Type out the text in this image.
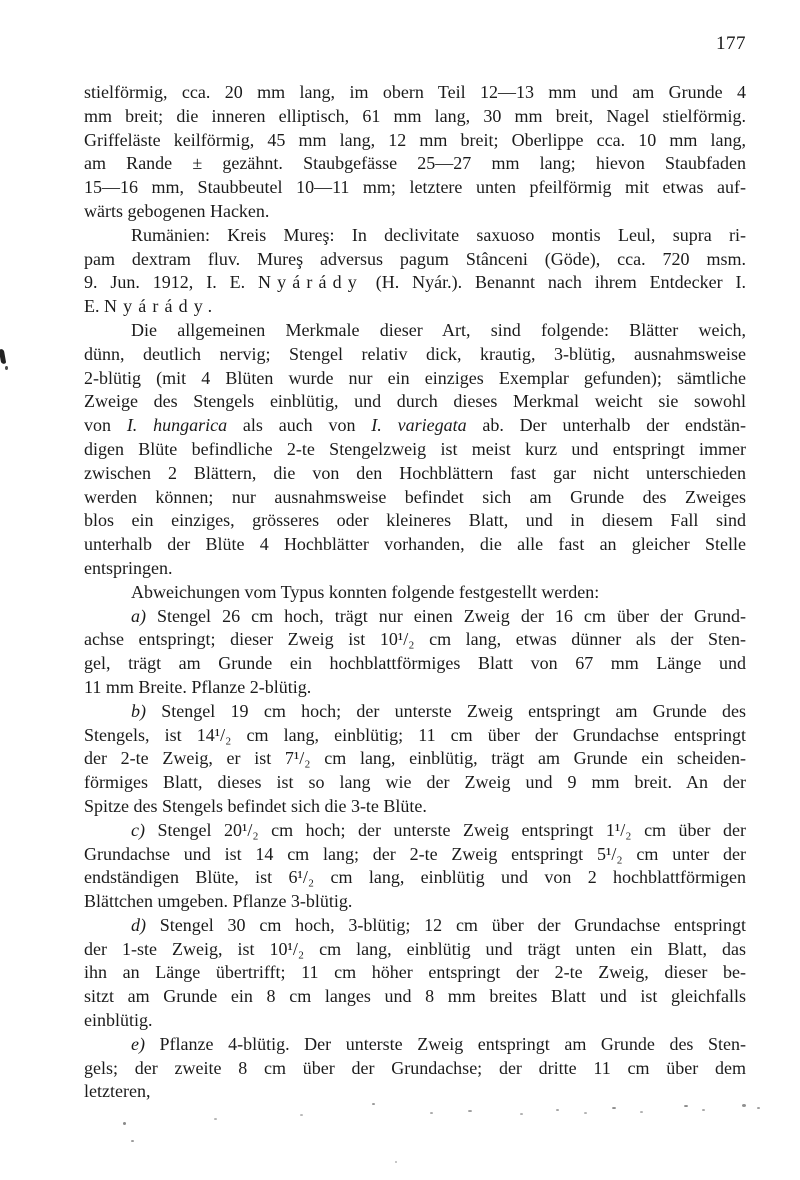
177
stielförmig, cca. 20 mm lang, im obern Teil 12—13 mm und am Grunde 4
mm breit; die inneren elliptisch, 61 mm lang, 30 mm breit, Nagel stielförmig.
Griffeläste keilförmig, 45 mm lang, 12 mm breit; Oberlippe cca. 10 mm lang,
am Rande ± gezähnt. Staubgefässe 25—27 mm lang; hievon Staubfaden
15—16 mm, Staubbeutel 10—11 mm; letztere unten pfeilförmig mit etwas auf-
wärts gebogenen Hacken.
Rumänien: Kreis Mureş: In declivitate saxuoso montis Leul, supra ri-
pam dextram fluv. Mureş adversus pagum Stânceni (Göde), cca. 720 msm.
9. Jun. 1912, I. E. Nyárády (H. Nyár.). Benannt nach ihrem Entdecker I.
E. Nyárády.
Die allgemeinen Merkmale dieser Art, sind folgende: Blätter weich,
dünn, deutlich nervig; Stengel relativ dick, krautig, 3-blütig, ausnahmsweise
2-blütig (mit 4 Blüten wurde nur ein einziges Exemplar gefunden); sämtliche
Zweige des Stengels einblütig, und durch dieses Merkmal weicht sie sowohl
von I. hungarica als auch von I. variegata ab. Der unterhalb der endstän-
digen Blüte befindliche 2-te Stengelzweig ist meist kurz und entspringt immer
zwischen 2 Blättern, die von den Hochblättern fast gar nicht unterschieden
werden können; nur ausnahmsweise befindet sich am Grunde des Zweiges
blos ein einziges, grösseres oder kleineres Blatt, und in diesem Fall sind
unterhalb der Blüte 4 Hochblätter vorhanden, die alle fast an gleicher Stelle
entspringen.
Abweichungen vom Typus konnten folgende festgestellt werden:
a) Stengel 26 cm hoch, trägt nur einen Zweig der 16 cm über der Grund-
achse entspringt; dieser Zweig ist 10¹/₂ cm lang, etwas dünner als der Sten-
gel, trägt am Grunde ein hochblattförmiges Blatt von 67 mm Länge und
11 mm Breite. Pflanze 2-blütig.
b) Stengel 19 cm hoch; der unterste Zweig entspringt am Grunde des
Stengels, ist 14¹/₂ cm lang, einblütig; 11 cm über der Grundachse entspringt
der 2-te Zweig, er ist 7¹/₂ cm lang, einblütig, trägt am Grunde ein scheiden-
förmiges Blatt, dieses ist so lang wie der Zweig und 9 mm breit. An der
Spitze des Stengels befindet sich die 3-te Blüte.
c) Stengel 20¹/₂ cm hoch; der unterste Zweig entspringt 1¹/₂ cm über der
Grundachse und ist 14 cm lang; der 2-te Zweig entspringt 5¹/₂ cm unter der
endständigen Blüte, ist 6¹/₂ cm lang, einblütig und von 2 hochblattförmigen
Blättchen umgeben. Pflanze 3-blütig.
d) Stengel 30 cm hoch, 3-blütig; 12 cm über der Grundachse entspringt
der 1-ste Zweig, ist 10¹/₂ cm lang, einblütig und trägt unten ein Blatt, das
ihn an Länge übertrifft; 11 cm höher entspringt der 2-te Zweig, dieser be-
sitzt am Grunde ein 8 cm langes und 8 mm breites Blatt und ist gleichfalls
einblütig.
e) Pflanze 4-blütig. Der unterste Zweig entspringt am Grunde des Sten-
gels; der zweite 8 cm über der Grundachse; der dritte 11 cm über dem
letzteren,
